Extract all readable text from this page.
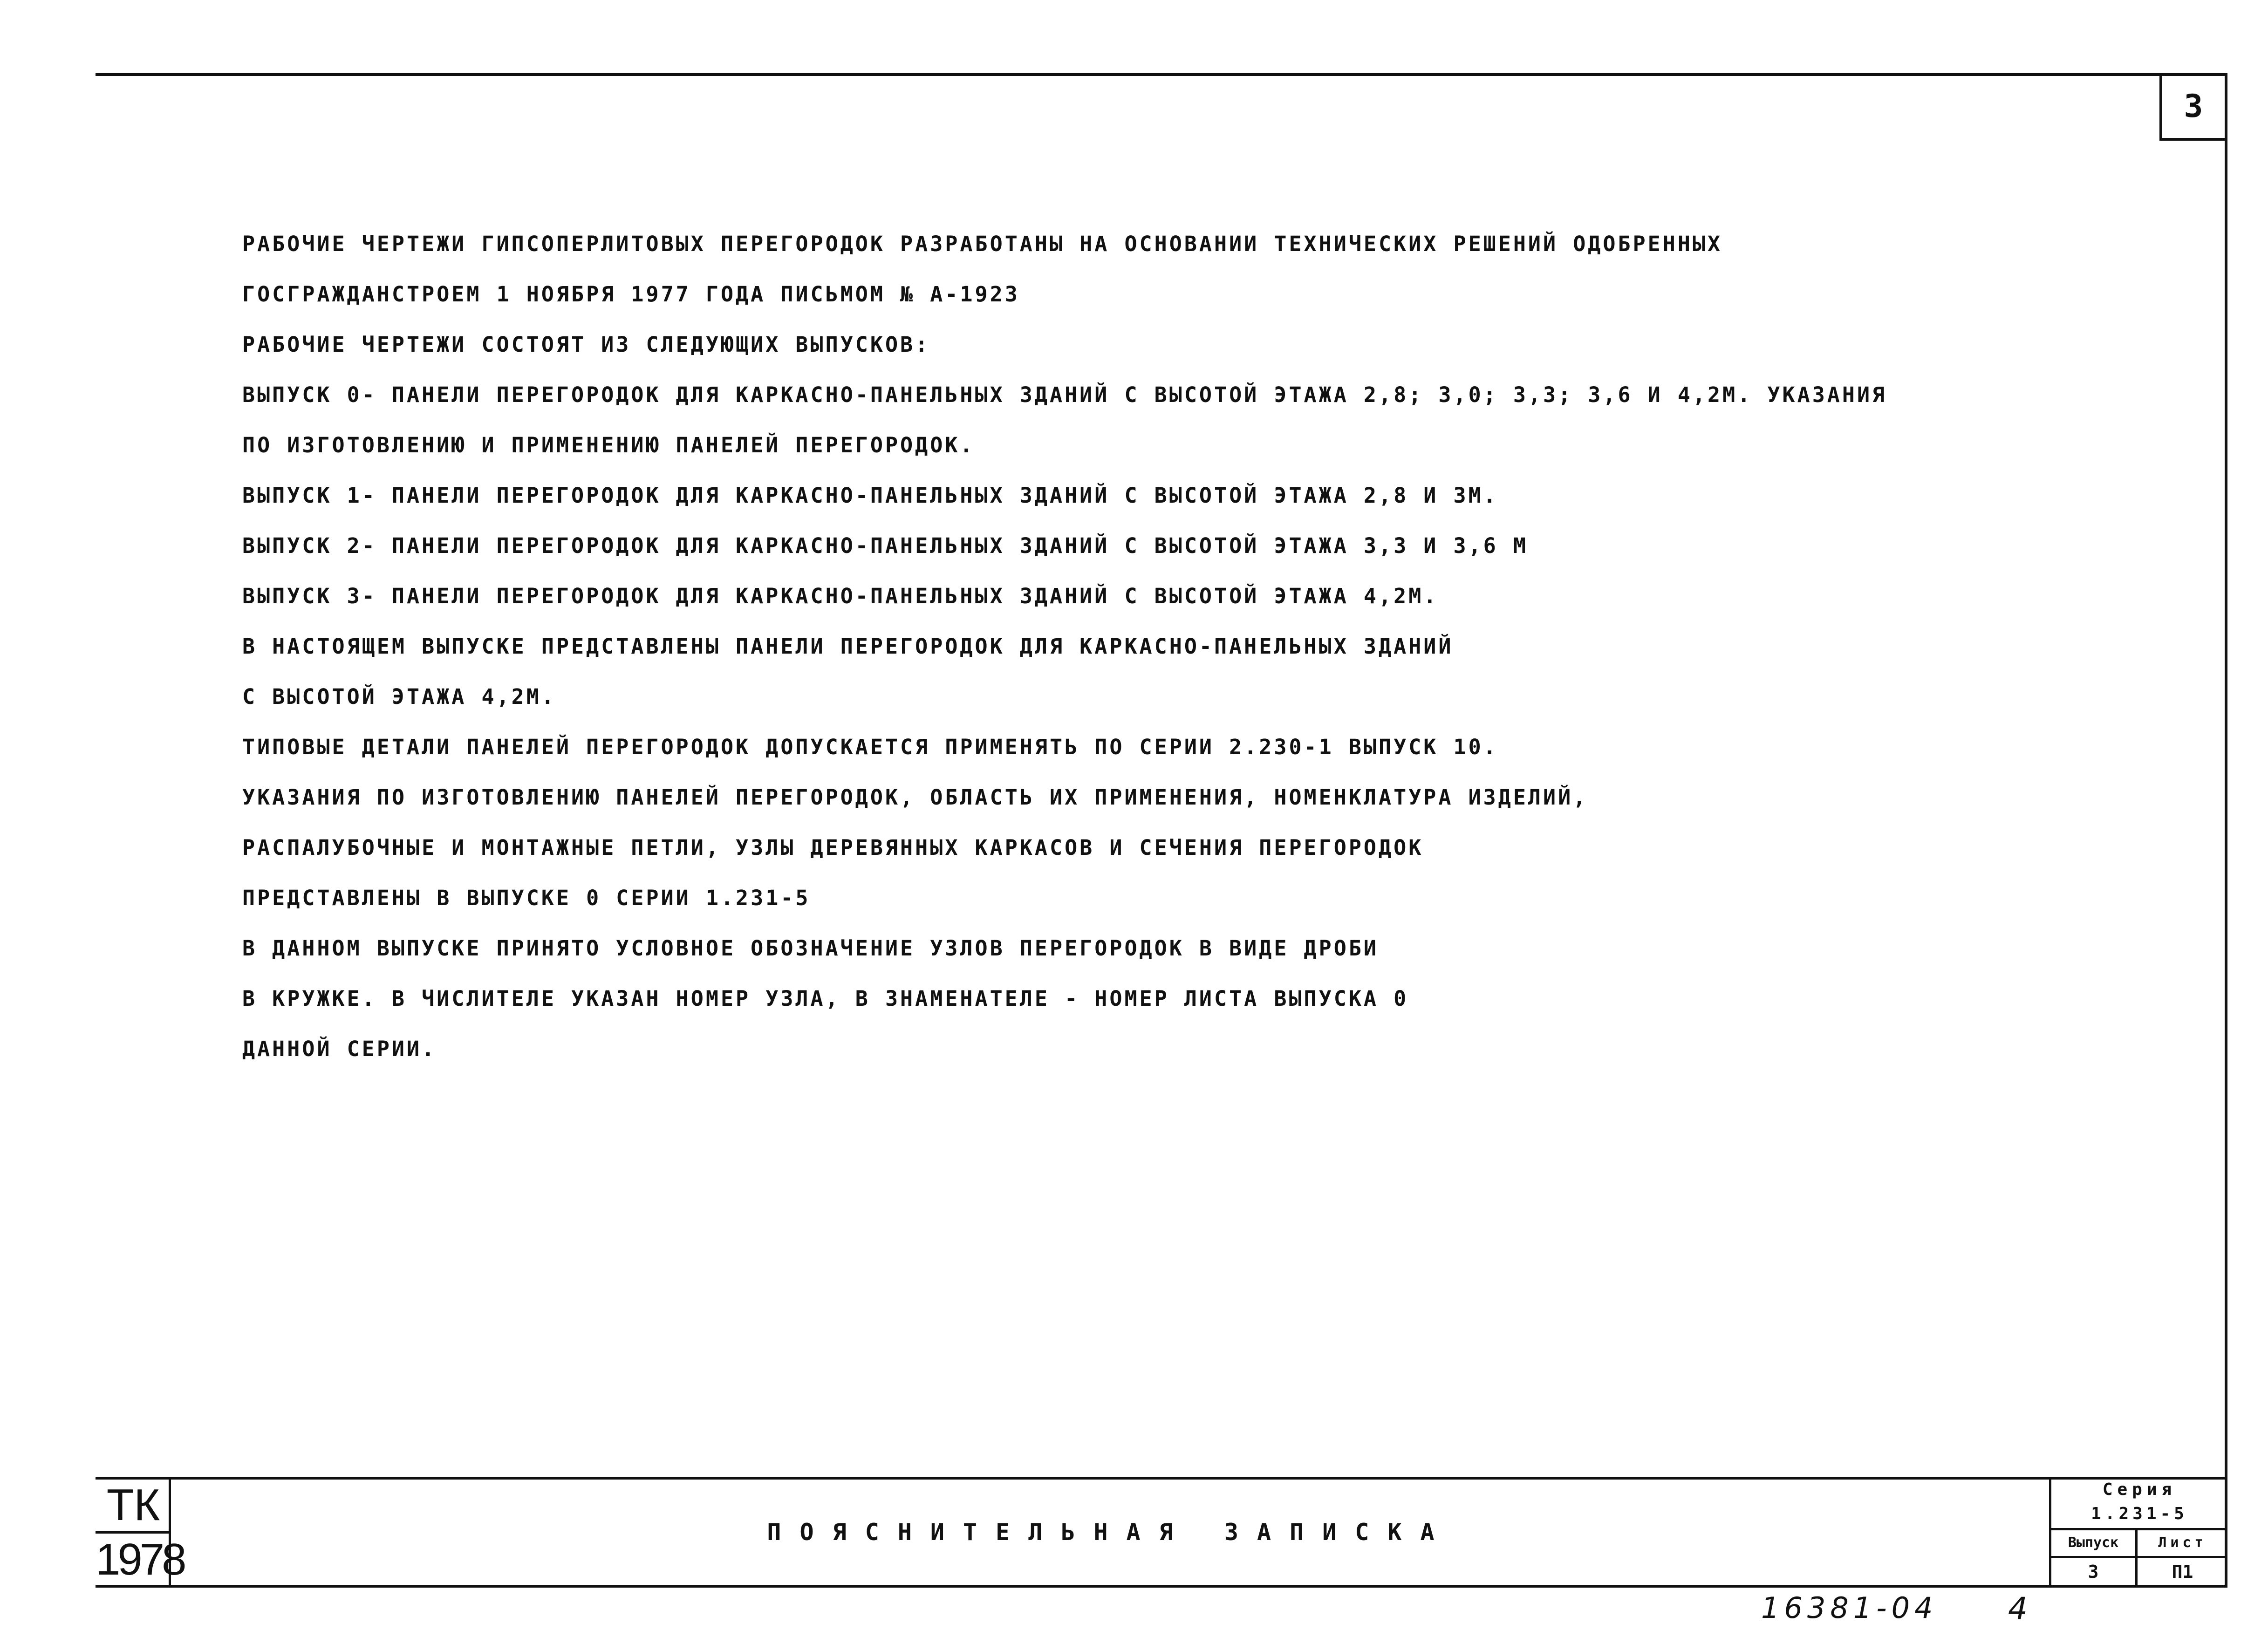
3
РАБОЧИЕ ЧЕРТЕЖИ ГИПСОПЕРЛИТОВЫХ ПЕРЕГОРОДОК РАЗРАБОТАНЫ НА ОСНОВАНИИ ТЕХНИЧЕСКИХ РЕШЕНИЙ ОДОБРЕННЫХ
ГОСГРАЖДАНСТРОЕМ 1 НОЯБРЯ 1977 ГОДА ПИСЬМОМ № А-1923
РАБОЧИЕ ЧЕРТЕЖИ СОСТОЯТ ИЗ СЛЕДУЮЩИХ ВЫПУСКОВ:
ВЫПУСК 0- ПАНЕЛИ ПЕРЕГОРОДОК ДЛЯ КАРКАСНО-ПАНЕЛЬНЫХ ЗДАНИЙ С ВЫСОТОЙ ЭТАЖА 2,8; 3,0; 3,3; 3,6 И 4,2М. УКАЗАНИЯ
ПО ИЗГОТОВЛЕНИЮ И ПРИМЕНЕНИЮ ПАНЕЛЕЙ ПЕРЕГОРОДОК.
ВЫПУСК 1- ПАНЕЛИ ПЕРЕГОРОДОК ДЛЯ КАРКАСНО-ПАНЕЛЬНЫХ ЗДАНИЙ С ВЫСОТОЙ ЭТАЖА 2,8 И 3М.
ВЫПУСК 2- ПАНЕЛИ ПЕРЕГОРОДОК ДЛЯ КАРКАСНО-ПАНЕЛЬНЫХ ЗДАНИЙ С ВЫСОТОЙ ЭТАЖА 3,3 И 3,6 М
ВЫПУСК 3- ПАНЕЛИ ПЕРЕГОРОДОК ДЛЯ КАРКАСНО-ПАНЕЛЬНЫХ ЗДАНИЙ С ВЫСОТОЙ ЭТАЖА 4,2М.
В НАСТОЯЩЕМ ВЫПУСКЕ ПРЕДСТАВЛЕНЫ ПАНЕЛИ ПЕРЕГОРОДОК ДЛЯ КАРКАСНО-ПАНЕЛЬНЫХ ЗДАНИЙ
С ВЫСОТОЙ ЭТАЖА 4,2М.
ТИПОВЫЕ ДЕТАЛИ ПАНЕЛЕЙ ПЕРЕГОРОДОК ДОПУСКАЕТСЯ ПРИМЕНЯТЬ ПО СЕРИИ 2.230-1 ВЫПУСК 10.
УКАЗАНИЯ ПО ИЗГОТОВЛЕНИЮ ПАНЕЛЕЙ ПЕРЕГОРОДОК, ОБЛАСТЬ ИХ ПРИМЕНЕНИЯ, НОМЕНКЛАТУРА ИЗДЕЛИЙ,
РАСПАЛУБОЧНЫЕ И МОНТАЖНЫЕ ПЕТЛИ, УЗЛЫ ДЕРЕВЯННЫХ КАРКАСОВ И СЕЧЕНИЯ ПЕРЕГОРОДОК
ПРЕДСТАВЛЕНЫ В ВЫПУСКЕ 0 СЕРИИ 1.231-5
В ДАННОМ ВЫПУСКЕ ПРИНЯТО УСЛОВНОЕ ОБОЗНАЧЕНИЕ УЗЛОВ ПЕРЕГОРОДОК В ВИДЕ ДРОБИ
В КРУЖКЕ. В ЧИСЛИТЕЛЕ УКАЗАН НОМЕР УЗЛА, В ЗНАМЕНАТЕЛЕ - НОМЕР ЛИСТА ВЫПУСКА 0
ДАННОЙ СЕРИИ.
ТК
1978
ПОЯСНИТЕЛЬНАЯ ЗАПИСКА
Серия
1.231-5
Выпуск	Лист
3	П1
16381-04 4
